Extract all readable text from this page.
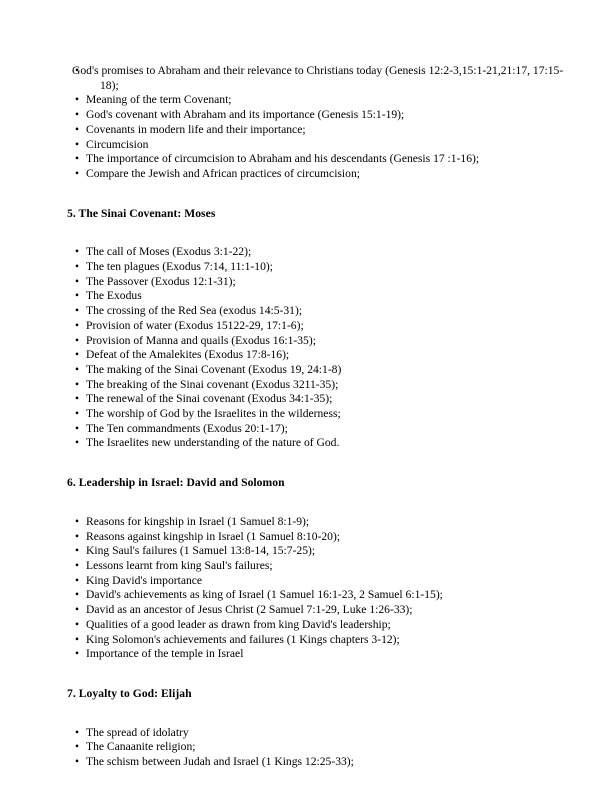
• God's promises to Abraham and their relevance to Christians today (Genesis 12:2-3,15:1-21,21:17, 17:15-18);
• Meaning of the term Covenant;
• God's covenant with Abraham and its importance (Genesis 15:1-19);
• Covenants in modern life and their importance;
• Circumcision
• The importance of circumcision to Abraham and his descendants (Genesis 17 :1-16);
• Compare the Jewish and African practices of circumcision;
5. The Sinai Covenant: Moses
• The call of Moses (Exodus 3:1-22);
• The ten plagues (Exodus 7:14, 11:1-10);
• The Passover (Exodus 12:1-31);
• The Exodus
• The crossing of the Red Sea (exodus 14:5-31);
• Provision of water (Exodus 15122-29, 17:1-6);
• Provision of Manna and quails (Exodus 16:1-35);
• Defeat of the Amalekites (Exodus 17:8-16);
• The making of the Sinai Covenant (Exodus 19, 24:1-8)
• The breaking of the Sinai covenant (Exodus 3211-35);
• The renewal of the Sinai covenant (Exodus 34:1-35);
• The worship of God by the Israelites in the wilderness;
• The Ten commandments (Exodus 20:1-17);
• The Israelites new understanding of the nature of God.
6. Leadership in Israel: David and Solomon
• Reasons for kingship in Israel (1 Samuel 8:1-9);
• Reasons against kingship in Israel (1 Samuel 8:10-20);
• King Saul's failures (1 Samuel 13:8-14, 15:7-25);
• Lessons learnt from king Saul's failures;
• King David's importance
• David's achievements as king of Israel (1 Samuel 16:1-23, 2 Samuel 6:1-15);
• David as an ancestor of Jesus Christ (2 Samuel 7:1-29, Luke 1:26-33);
• Qualities of a good leader as drawn from king David's leadership;
• King Solomon's achievements and failures (1 Kings chapters 3-12);
• Importance of the temple in Israel
7. Loyalty to God: Elijah
• The spread of idolatry
• The Canaanite religion;
• The schism between Judah and Israel (1 Kings 12:25-33);
